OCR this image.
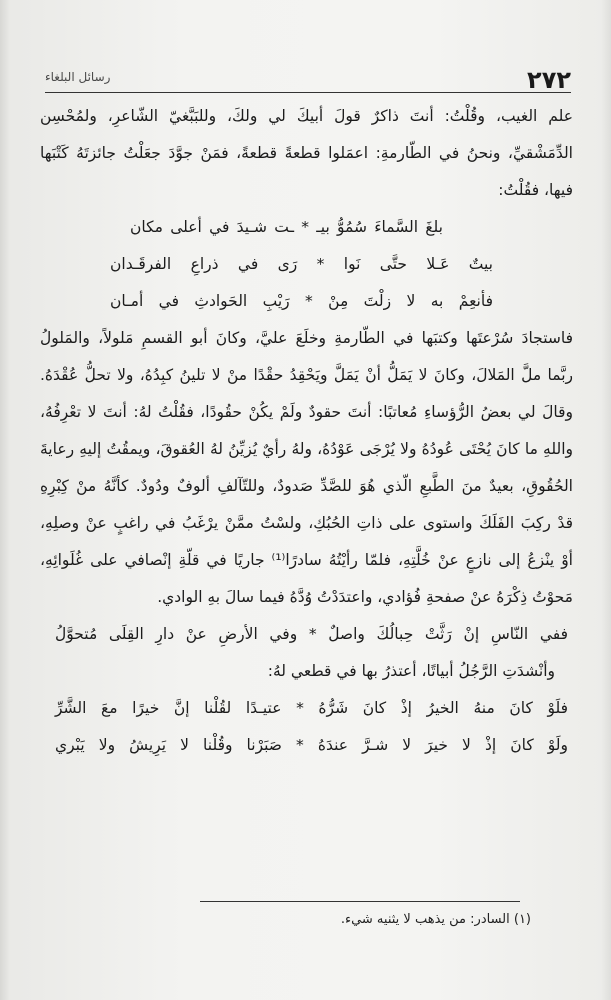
٢٧٢
رسائل البلغاء
علم الغيب، وقُلْتُ: أنتَ ذاكرٌ قولَ أبيكَ لي ولكَ، وللبَبَّغيّ الشّاعرِ، ولمُحْسِن
الدِّمَشْقيِّ، ونحنُ في الطّارمةِ: اعمَلوا قطعةً قطعةً، فمَنْ جوَّدَ جعَلْتُ جائزتَهُ كَتْبَها
فيها، فقُلْتُ:
بلغَ السَّماءَ سُمُوُّ بيـ * ـت شـيدَ في أعلى مكان
بيتٌ عَـلا حتَّى نَوا * رَى في ذراعِ الفرقَـدان
فأنعِمْ به لا زلْتَ مِنْ * رَيْبِ الحَوادثِ في أمـان
فاستجادَ سُرْعتَها وكتبَها في الطّارمةِ وخلَعَ عليَّ، وكانَ أبو القسمِ مَلولاً، والمَلولُ
ربَّما ملَّ المَلالَ، وكانَ لا يَمَلُّ أنْ يَمَلَّ ويَحْقِدُ حقْدًا منْ لا تلينُ كبِدُهُ، ولا تحلُّ عُقْدَهُ.
وقالَ لي بعضُ الرُّؤساءِ مُعاتبًا: أنتَ حقودٌ ولَمْ يكُنْ حقُودًا، فقُلْتُ لهُ: أنتَ لا تعْرِفُهُ،
واللهِ ما كانَ يُحْتَى عُودُهُ ولا يُرْجَى عَوْدُهُ، ولهُ رأيٌ يُزيِّنُ لهُ العُقوقَ، ويمقُتُ إليهِ رعايةَ
الحُقُوقِ، بعيدٌ منَ الطَّبعِ الّذي هُوَ للصَّدِّ صَدودٌ، وللتّآلفِ ألوفٌ ودُودٌ. كأنَّهُ منْ كِبْرِهِ
قدْ ركِبَ الفَلَكَ واستوى على ذاتِ الحُبُكِ، ولسْتُ ممَّنْ يرْغَبُ في راغبٍ عنْ وصلِهِ،
أوْ ينْزعُ إلى نازعٍ عنْ خُلَّتِهِ، فلمّا رأيْتُهُ سادرًا⁽¹⁾ جاريًا في قلّةِ إنْصافي على غُلَوائِهِ،
مَحوْتُ ذِكْرَهُ عنْ صفحةِ فُؤادي، واعتدَدْتُ وُدَّهُ فيما سالَ بهِ الوادي.
ففي النّاسِ إنْ رَثَّتْ حِبالُكَ واصلٌ * وفي الأرضِ عنْ دارِ القِلَى مُتحوَّلُ
وأنْشدَتِ الرَّجُلُ أبياتًا، أعتذرُ بها في قطعي لهُ:
فلَوْ كانَ منهُ الخيرُ إذْ كانَ شَرُّهُ * عتيـدًا لقُلْنا إنَّ خيرًا معَ الشَّرِّ
ولَوْ كانَ إذْ لا خيرَ لا شـرَّ عندَهُ * صَبَرْنا وقُلْنا لا يَرِيشُ ولا يَبْري
(١) السادر: من يذهب لا يثنيه شيء.
